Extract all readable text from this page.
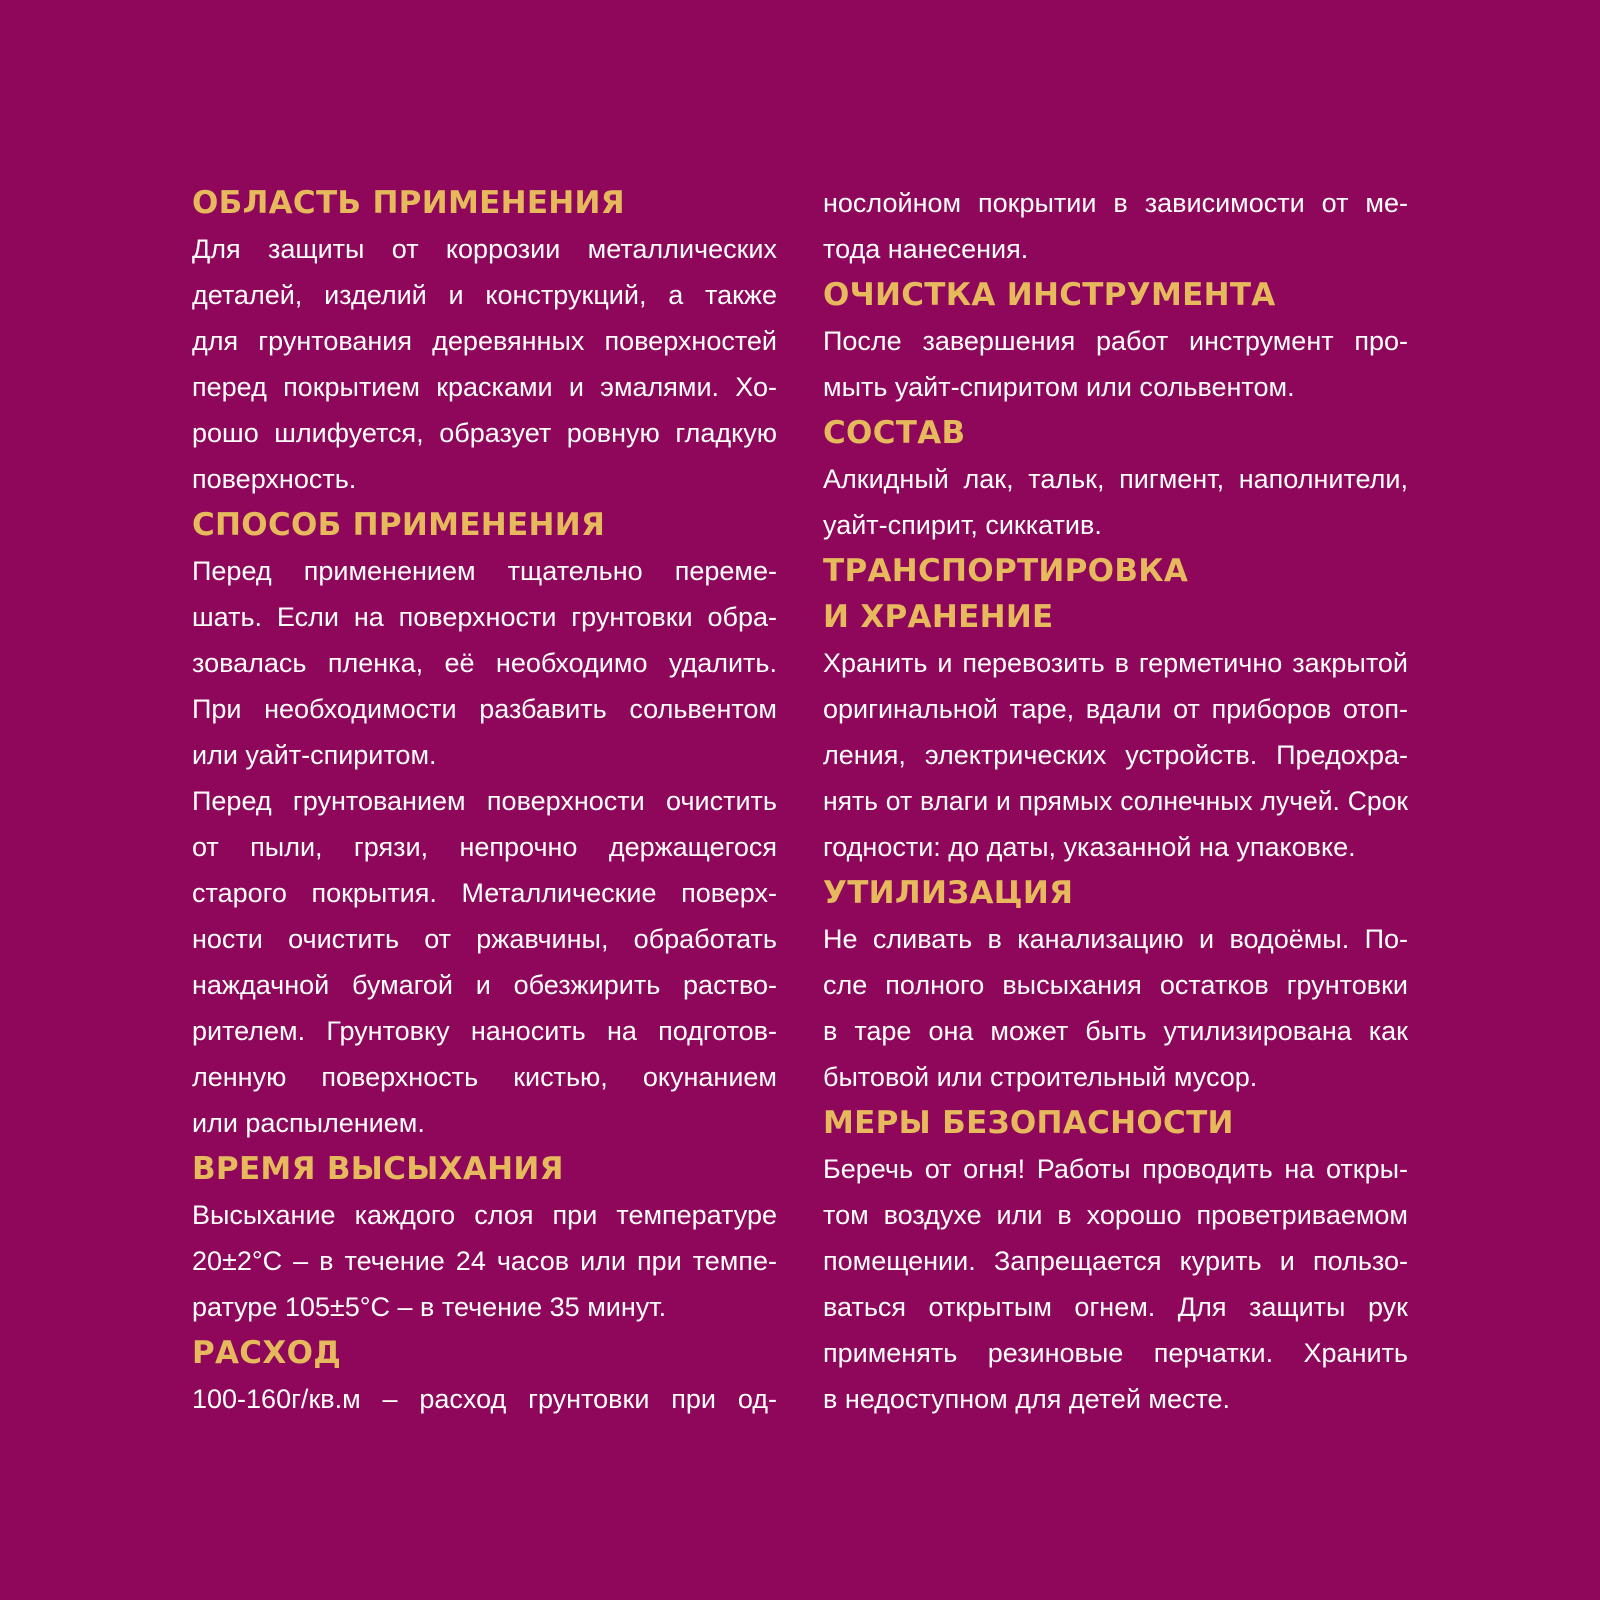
ОБЛАСТЬ ПРИМЕНЕНИЯ
Для защиты от коррозии металлических
деталей, изделий и конструкций, а также
для грунтования деревянных поверхностей
перед покрытием красками и эмалями. Хо-
рошо шлифуется, образует ровную гладкую
поверхность.
СПОСОБ ПРИМЕНЕНИЯ
Перед применением тщательно переме-
шать. Если на поверхности грунтовки обра-
зовалась пленка, её необходимо удалить.
При необходимости разбавить сольвентом
или уайт-спиритом.
Перед грунтованием поверхности очистить
от пыли, грязи, непрочно держащегося
старого покрытия. Металлические поверх-
ности очистить от ржавчины, обработать
наждачной бумагой и обезжирить раство-
рителем. Грунтовку наносить на подготов-
ленную поверхность кистью, окунанием
или распылением.
ВРЕМЯ ВЫСЫХАНИЯ
Высыхание каждого слоя при температуре
20±2°С – в течение 24 часов или при темпе-
ратуре 105±5°С – в течение 35 минут.
РАСХОД
100-160г/кв.м – расход грунтовки при од-
нослойном покрытии в зависимости от ме-
тода нанесения.
ОЧИСТКА ИНСТРУМЕНТА
После завершения работ инструмент про-
мыть уайт-спиритом или сольвентом.
СОСТАВ
Алкидный лак, тальк, пигмент, наполнители,
уайт-спирит, сиккатив.
ТРАНСПОРТИРОВКА
И ХРАНЕНИЕ
Хранить и перевозить в герметично закрытой
оригинальной таре, вдали от приборов отоп-
ления, электрических устройств. Предохра-
нять от влаги и прямых солнечных лучей. Срок
годности: до даты, указанной на упаковке.
УТИЛИЗАЦИЯ
Не сливать в канализацию и водоёмы. По-
сле полного высыхания остатков грунтовки
в таре она может быть утилизирована как
бытовой или строительный мусор.
МЕРЫ БЕЗОПАСНОСТИ
Беречь от огня! Работы проводить на откры-
том воздухе или в хорошо проветриваемом
помещении. Запрещается курить и пользо-
ваться открытым огнем. Для защиты рук
применять резиновые перчатки. Хранить
в недоступном для детей месте.
